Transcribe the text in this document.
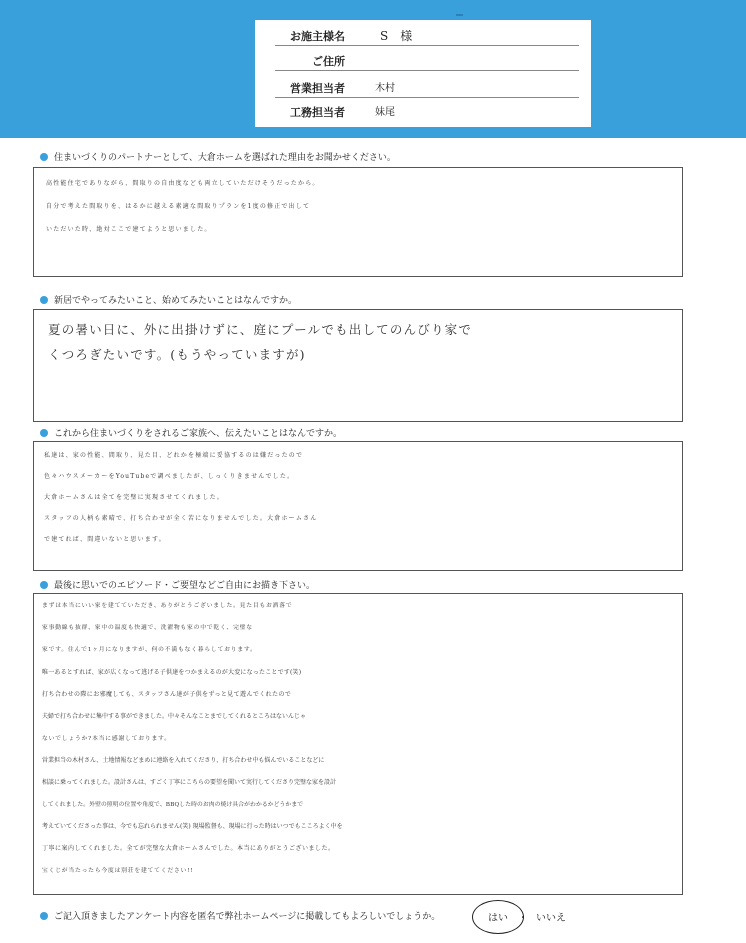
お施主様名	S　様
ご住所
営業担当者	木村
工務担当者	妹尾
住まいづくりのパートナーとして、大倉ホームを選ばれた理由をお聞かせください。
高性能住宅でありながら、間取りの自由度なども両立していただけそうだったから。
自分で考えた間取りを、はるかに越える素適な間取りプランを1度の修正で出して
いただいた時、絶対ここで建てようと思いました。
新居でやってみたいこと、始めてみたいことはなんですか。
夏の暑い日に、外に出掛けずに、庭にプールでも出してのんびり家で
くつろぎたいです。(もうやっていますが)
これから住まいづくりをされるご家族へ、伝えたいことはなんですか。
私達は、家の性能、間取り、見た目、どれかを極端に妥協するのは嫌だったので
色々ハウスメーカーをYouTubeで調べましたが、しっくりきませんでした。
大倉ホームさんは全てを完璧に実現させてくれました。
スタッフの人柄も素晴で、打ち合わせが全く苦になりませんでした。大倉ホームさん
で建てれば、間違いないと思います。
最後に思いでのエピソード・ご要望などご自由にお描き下さい。
まずは本当にいい家を建てていただき、ありがとうございました。見た目もお洒落で
家事動線も抜群、家中の温度も快適で、洗濯物も家の中で乾く、完璧な
家です。住んで1ヶ月になりますが、何の不満もなく暮らしております。
唯一あるとすれば、家が広くなって逃げる子供達をつかまえるのが大変になったことです(笑)
打ち合わせの際にお邪魔しても、スタッフさん達が子供をずっと見て遊んでくれたので
夫婦で打ち合わせに集中する事ができました。中々そんなことまでしてくれるところはないんじゃ
ないでしょうか?本当に感謝しております。
営業担当の木村さん、土地情報などまめに連絡を入れてくださり、打ち合わせ中も悩んでいることなどに
相談に乗ってくれました。設計さんは、すごく丁寧にこちらの要望を聞いて実行してくださり完璧な家を設計
してくれました。外壁の照明の位置や角度で、BBQした時のお肉の焼け具合がわかるかどうかまで
考えていてくださった事は、今でも忘れられません(笑) 現場監督も、現場に行った時はいつでもこころよく中を
丁寧に案内してくれました。全てが完璧な大倉ホームさんでした。本当にありがとうございました。
宝くじが当たったら今度は別荘を建ててください!!
ご記入頂きましたアンケート内容を匿名で弊社ホームページに掲載してもよろしいでしょうか。	はい ・ いいえ
